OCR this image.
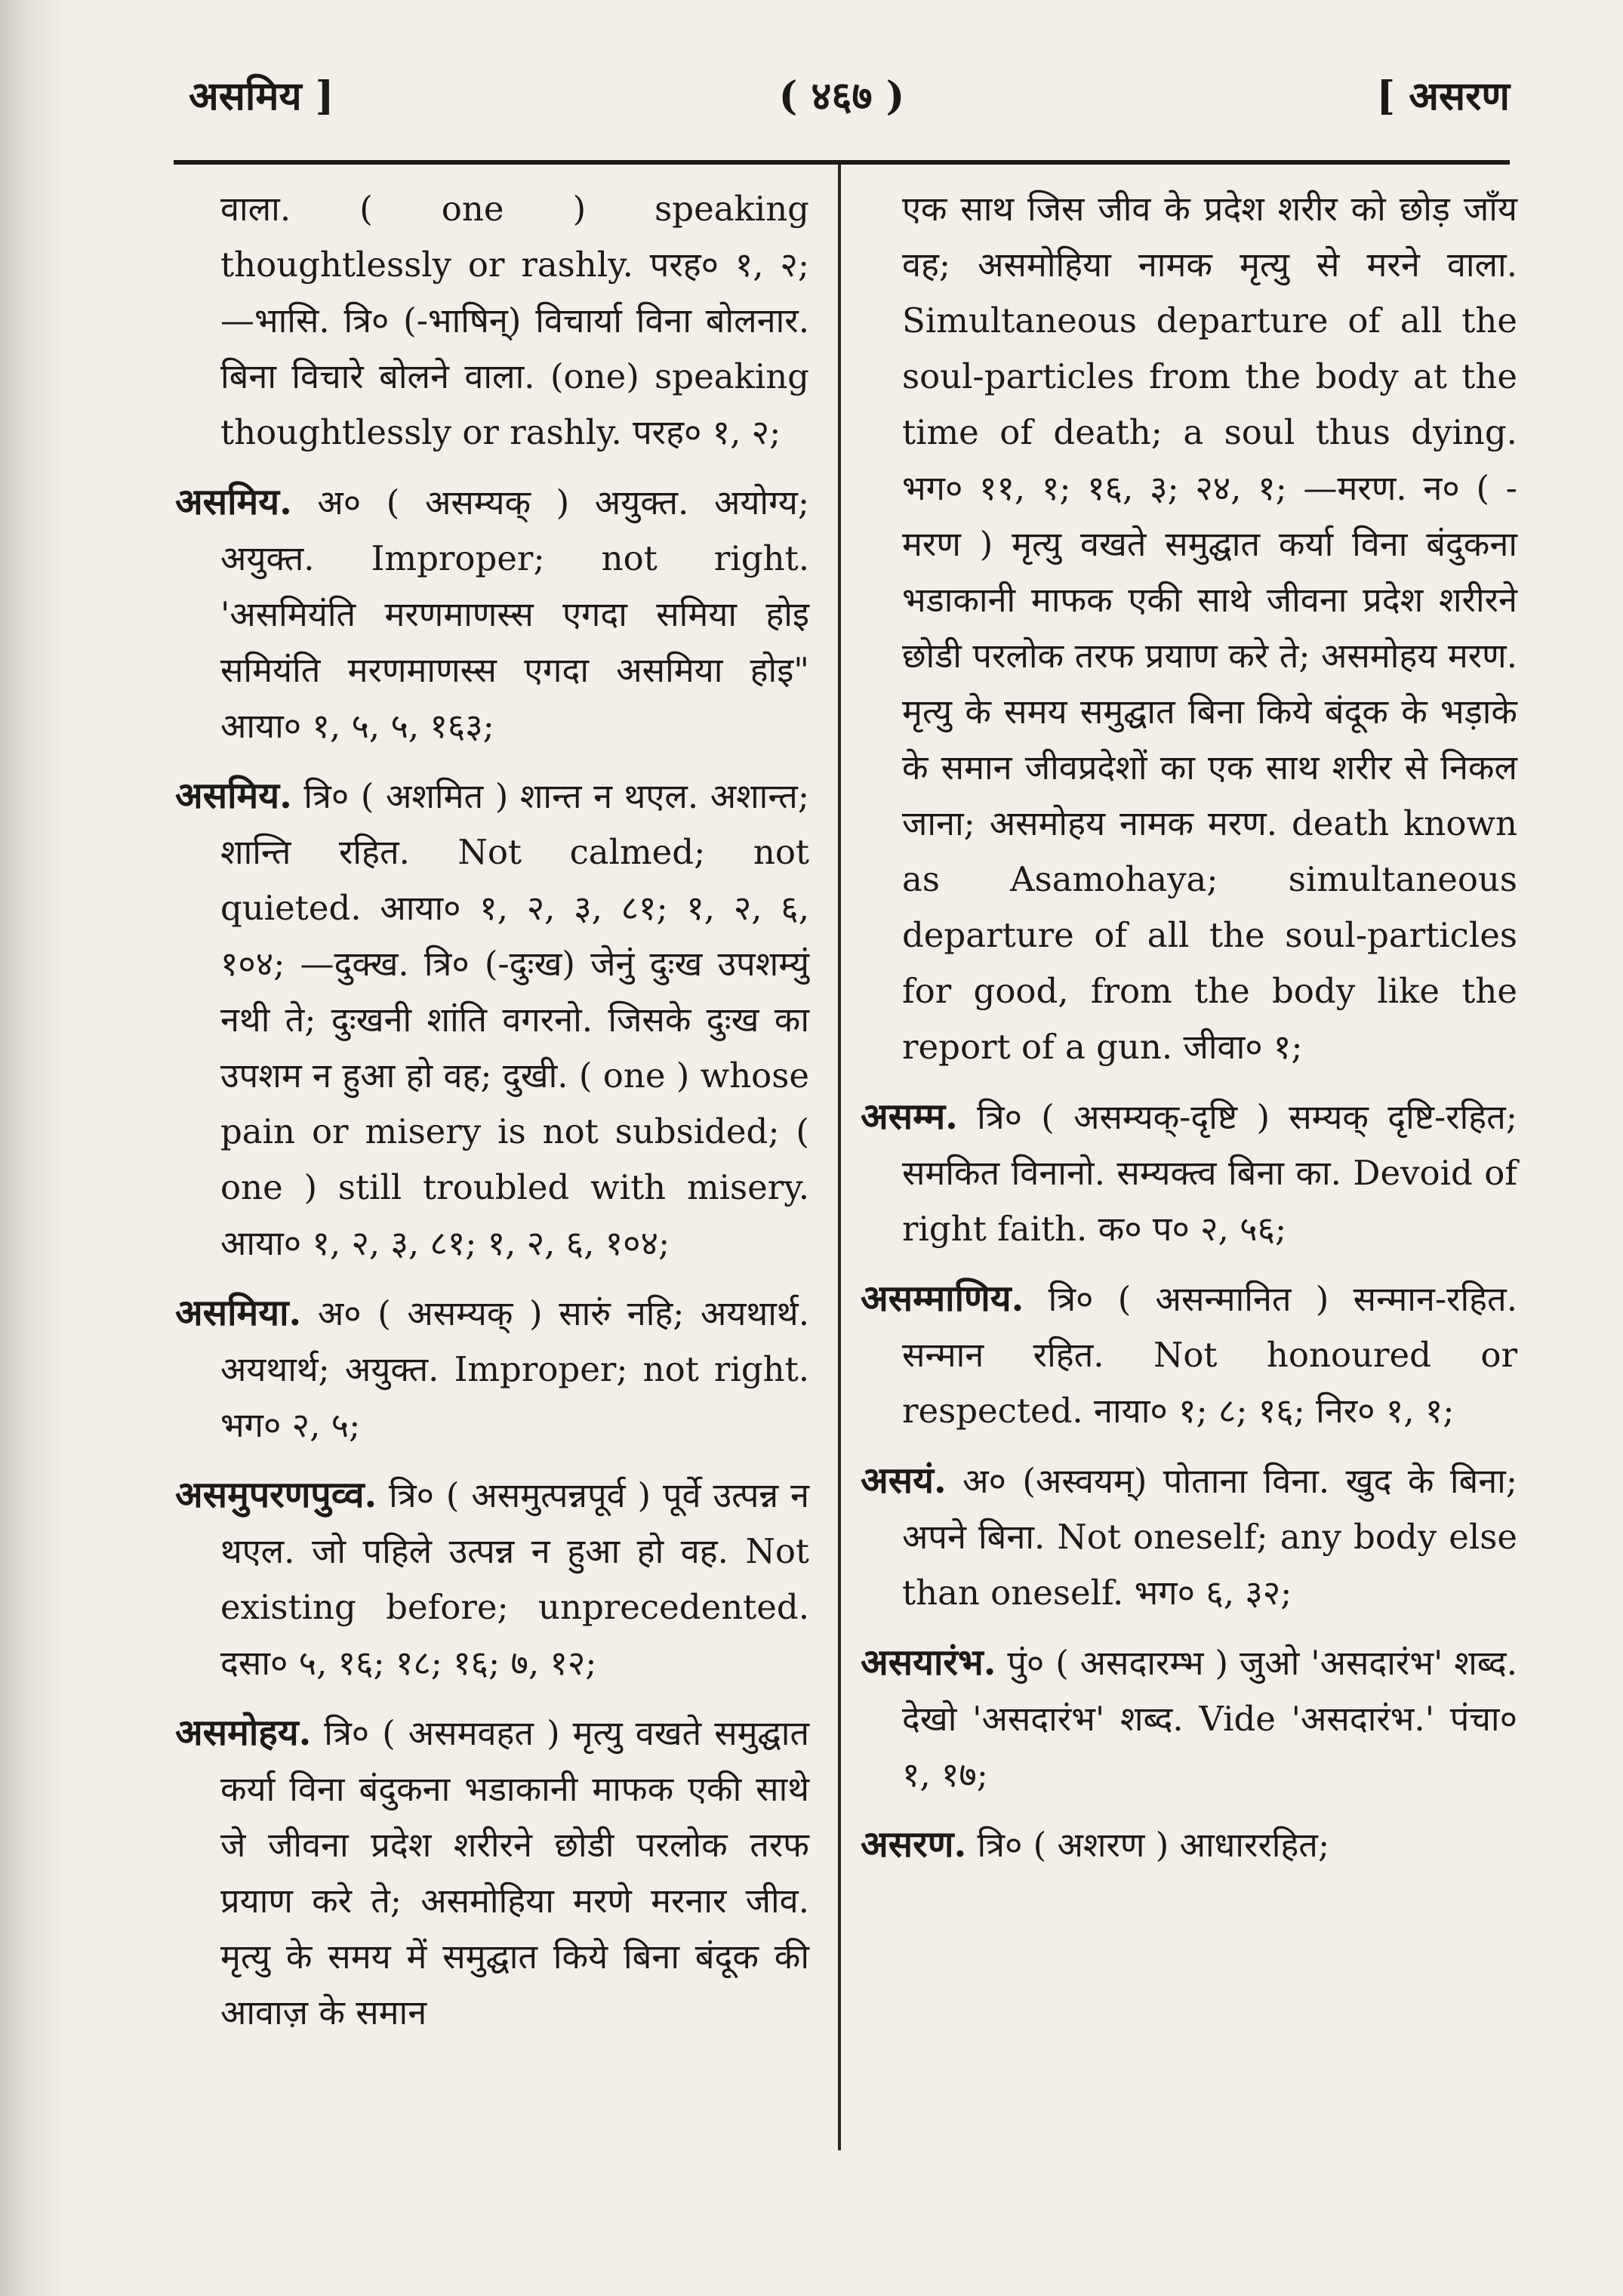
असमिय ]	( ४६७ )	[ असरण

वाला. ( one ) speaking thoughtlessly or rashly. परह० १, २; —भासि. त्रि० (-भाषिन्) विचार्या विना बोलनार. बिना विचारे बोलने वाला. (one) speaking thoughtlessly or rashly. परह० १, २;

असमिय. अ० ( असम्यक् ) अयुक्त. अयोग्य; अयुक्त. Improper; not right. 'असमियंति मरणमाणस्स एगदा समिया होइ समियंति मरणमाणस्स एगदा असमिया होइ" आया० १, ५, ५, १६३;

असमिय. त्रि० ( अशमित ) शान्त न थएल. अशान्त; शान्ति रहित. Not calmed; not quieted. आया० १, २, ३, ८१; १, २, ६, १०४; —दुक्ख. त्रि० (-दुःख) जेनुं दुःख उपशम्युं नथी ते; दुःखनी शांति वगरनो. जिसके दुःख का उपशम न हुआ हो वह; दुखी. ( one ) whose pain or misery is not subsided; ( one ) still troubled with misery. आया० १, २, ३, ८१; १, २, ६, १०४;

असमिया. अ० ( असम्यक् ) सारुं नहि; अयथार्थ. अयथार्थ; अयुक्त. Improper; not right. भग० २, ५;

असमुपरणपुव्व. त्रि० ( असमुत्पन्नपूर्व ) पूर्वे उत्पन्न न थएल. जो पहिले उत्पन्न न हुआ हो वह. Not existing before; unprecedented. दसा० ५, १६; १८; १६; ७, १२;

असमोहय. त्रि० ( असमवहत ) मृत्यु वखते समुद्घात कर्या विना बंदुकना भडाकानी माफक एकी साथे जे जीवना प्रदेश शरीरने छोडी परलोक तरफ प्रयाण करे ते; असमोहिया मरणे मरनार जीव. मृत्यु के समय में समुद्घात किये बिना बंदूक की आवाज़ के समान

एक साथ जिस जीव के प्रदेश शरीर को छोड़ जाँय वह; असमोहिया नामक मृत्यु से मरने वाला. Simultaneous departure of all the soul-particles from the body at the time of death; a soul thus dying. भग० ११, १; १६, ३; २४, १; —मरण. न० ( -मरण ) मृत्यु वखते समुद्घात कर्या विना बंदुकना भडाकानी माफक एकी साथे जीवना प्रदेश शरीरने छोडी परलोक तरफ प्रयाण करे ते; असमोहय मरण. मृत्यु के समय समुद्घात बिना किये बंदूक के भड़ाके के समान जीवप्रदेशों का एक साथ शरीर से निकल जाना; असमोहय नामक मरण. death known as Asamohaya; simultaneous departure of all the soul-particles for good, from the body like the report of a gun. जीवा० १;

असम्म. त्रि० ( असम्यक्-दृष्टि ) सम्यक् दृष्टि-रहित; समकित विनानो. सम्यक्त्व बिना का. Devoid of right faith. क० प० २, ५६;

असम्माणिय. त्रि० ( असन्मानित ) सन्मान-रहित. सन्मान रहित. Not honoured or respected. नाया० १; ८; १६; निर० १, १;

असयं. अ० (अस्वयम्) पोताना विना. खुद के बिना; अपने बिना. Not oneself; any body else than oneself. भग० ६, ३२;

असयारंभ. पुं० ( असदारम्भ ) जुओ 'असदारंभ' शब्द. देखो 'असदारंभ' शब्द. Vide 'असदारंभ.' पंचा० १, १७;

असरण. त्रि० ( अशरण ) आधाररहित;
